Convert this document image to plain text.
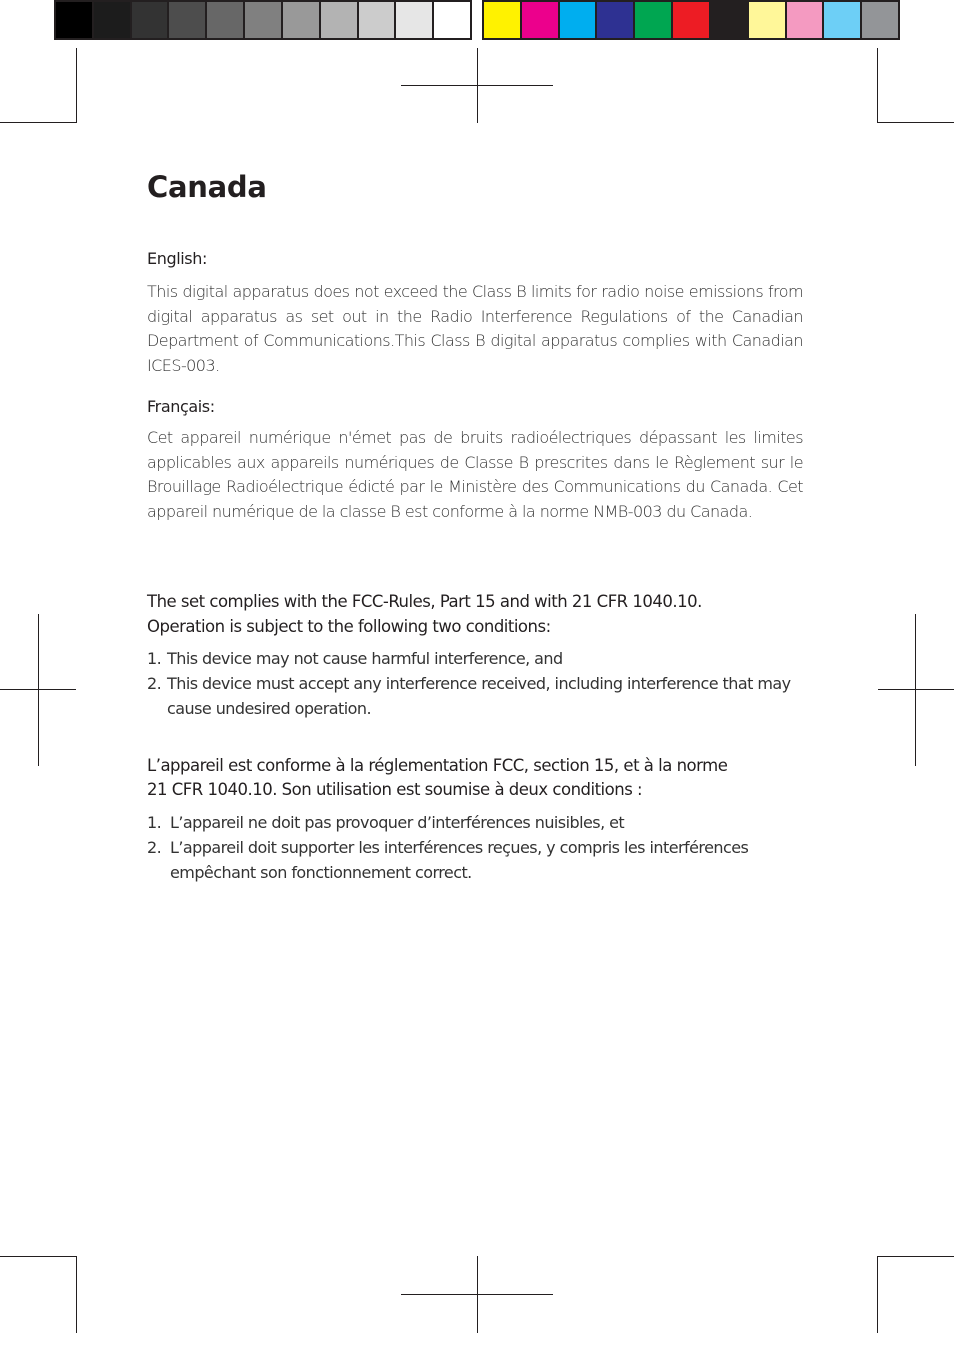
Canada

English:

This digital apparatus does not exceed the Class B limits for radio noise emissions from digital apparatus as set out in the Radio Interference Regulations of the Canadian Department of Communications.This Class B digital apparatus complies with Canadian ICES-003.

Français:

Cet appareil numérique n'émet pas de bruits radioélectriques dépassant les limites applicables aux appareils numériques de Classe B prescrites dans le Règlement sur le Brouillage Radioélectrique édicté par le Ministère des Communications du Canada. Cet appareil numérique de la classe B est conforme à la norme NMB-003 du Canada.

The set complies with the FCC-Rules, Part 15 and with 21 CFR 1040.10.

Operation is subject to the following two conditions:

1. This device may not cause harmful interference, and
2. This device must accept any interference received, including interference that may cause undesired operation.

L’appareil est conforme à la réglementation FCC, section 15, et à la norme

21 CFR 1040.10. Son utilisation est soumise à deux conditions :

1. L’appareil ne doit pas provoquer d’interférences nuisibles, et
2. L’appareil doit supporter les interférences reçues, y compris les interférences empêchant son fonctionnement correct.
